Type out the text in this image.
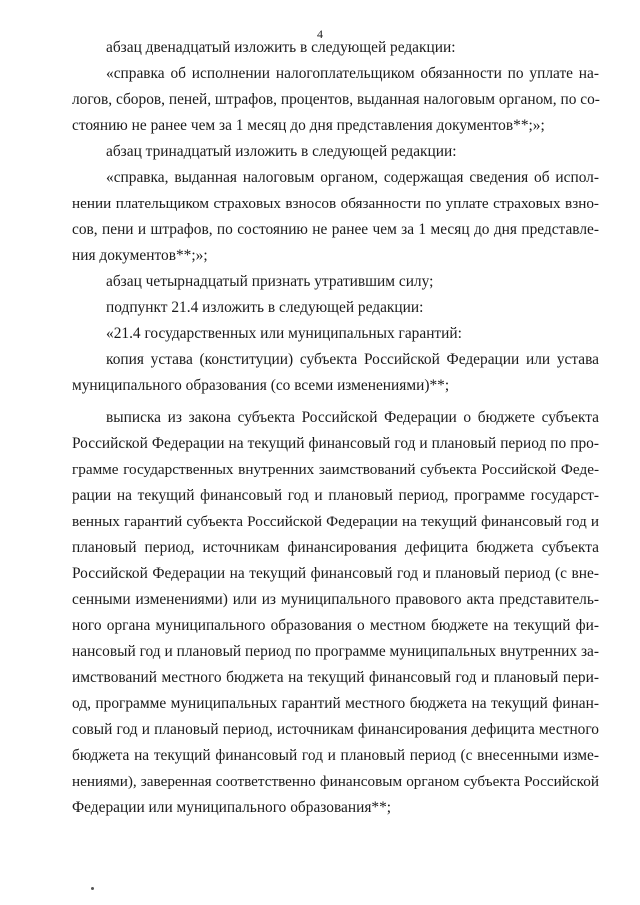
4
абзац двенадцатый изложить в следующей редакции:
«справка об исполнении налогоплательщиком обязанности по уплате на-
логов, сборов, пеней, штрафов, процентов, выданная налоговым органом, по со-
стоянию не ранее чем за 1 месяц до дня представления документов**;»;
абзац тринадцатый изложить в следующей редакции:
«справка, выданная налоговым органом, содержащая сведения об испол-
нении плательщиком страховых взносов обязанности по уплате страховых взно-
сов, пени и штрафов, по состоянию не ранее чем за 1 месяц до дня представле-
ния документов**;»;
абзац четырнадцатый признать утратившим силу;
подпункт 21.4 изложить в следующей редакции:
«21.4 государственных или муниципальных гарантий:
копия устава (конституции) субъекта Российской Федерации или устава
муниципального образования (со всеми изменениями)**;
выписка из закона субъекта Российской Федерации о бюджете субъекта
Российской Федерации на текущий финансовый год и плановый период по про-
грамме государственных внутренних заимствований субъекта Российской Феде-
рации на текущий финансовый год и плановый период, программе государст-
венных гарантий субъекта Российской Федерации на текущий финансовый год и
плановый период, источникам финансирования дефицита бюджета субъекта
Российской Федерации на текущий финансовый год и плановый период (с вне-
сенными изменениями) или из муниципального правового акта представитель-
ного органа муниципального образования о местном бюджете на текущий фи-
нансовый год и плановый период по программе муниципальных внутренних за-
имствований местного бюджета на текущий финансовый год и плановый пери-
од, программе муниципальных гарантий местного бюджета на текущий финан-
совый год и плановый период, источникам финансирования дефицита местного
бюджета на текущий финансовый год и плановый период (с внесенными изме-
нениями), заверенная соответственно финансовым органом субъекта Российской
Федерации или муниципального образования**;
